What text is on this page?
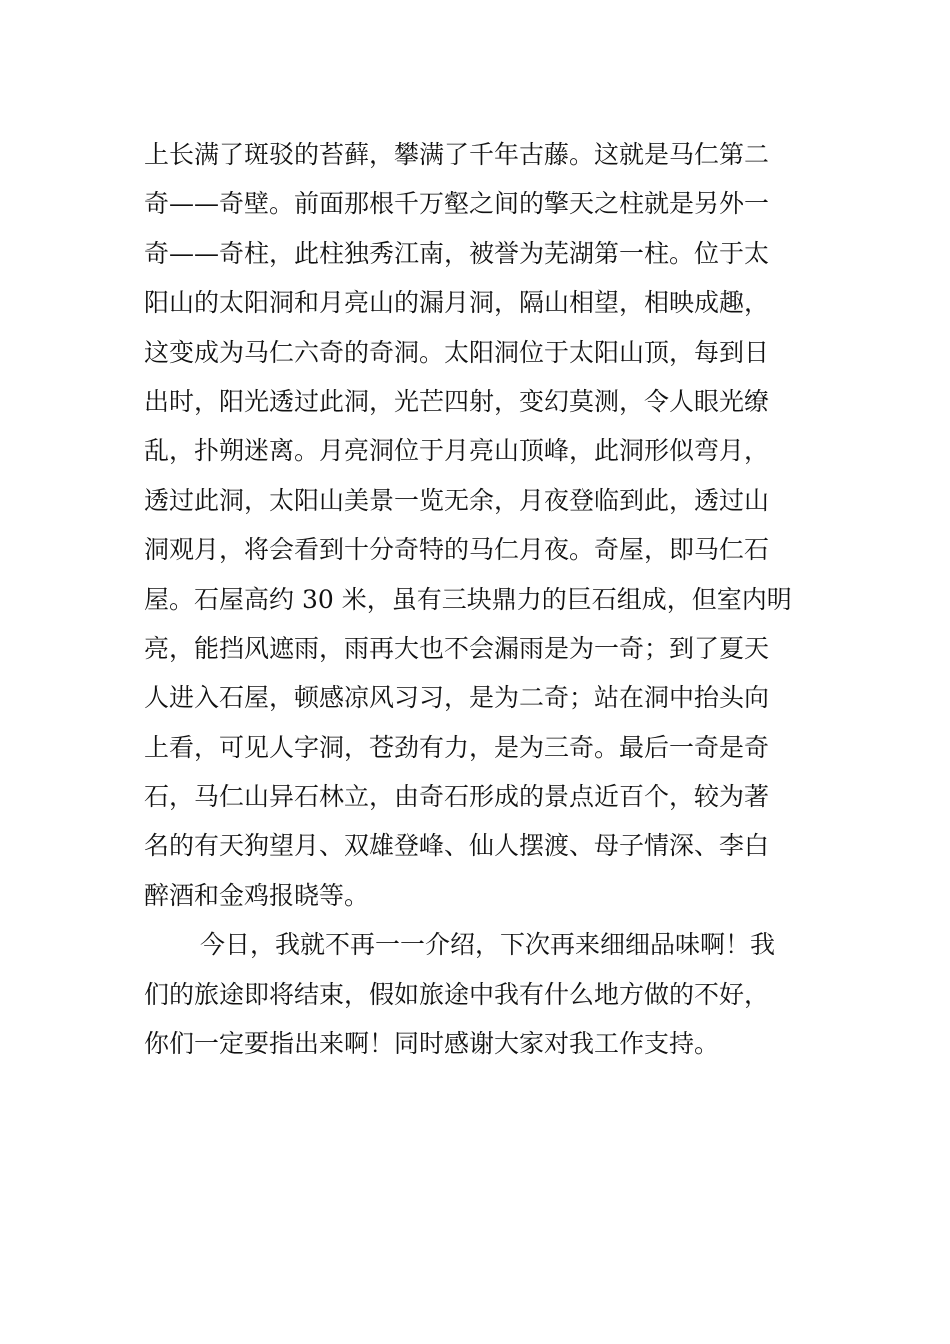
上长满了斑驳的苔藓，攀满了千年古藤。这就是马仁第二
奇——奇壁。前面那根千万壑之间的擎天之柱就是另外一
奇——奇柱，此柱独秀江南，被誉为芜湖第一柱。位于太
阳山的太阳洞和月亮山的漏月洞，隔山相望，相映成趣，
这变成为马仁六奇的奇洞。太阳洞位于太阳山顶，每到日
出时，阳光透过此洞，光芒四射，变幻莫测，令人眼光缭
乱，扑朔迷离。月亮洞位于月亮山顶峰，此洞形似弯月，
透过此洞，太阳山美景一览无余，月夜登临到此，透过山
洞观月，将会看到十分奇特的马仁月夜。奇屋，即马仁石
屋。石屋高约 30 米，虽有三块鼎力的巨石组成，但室内明
亮，能挡风遮雨，雨再大也不会漏雨是为一奇；到了夏天
人进入石屋，顿感凉风习习，是为二奇；站在洞中抬头向
上看，可见人字洞，苍劲有力，是为三奇。最后一奇是奇
石，马仁山异石林立，由奇石形成的景点近百个，较为著
名的有天狗望月、双雄登峰、仙人摆渡、母子情深、李白
醉酒和金鸡报晓等。
今日，我就不再一一介绍，下次再来细细品味啊！我
们的旅途即将结束，假如旅途中我有什么地方做的不好，
你们一定要指出来啊！同时感谢大家对我工作支持。
